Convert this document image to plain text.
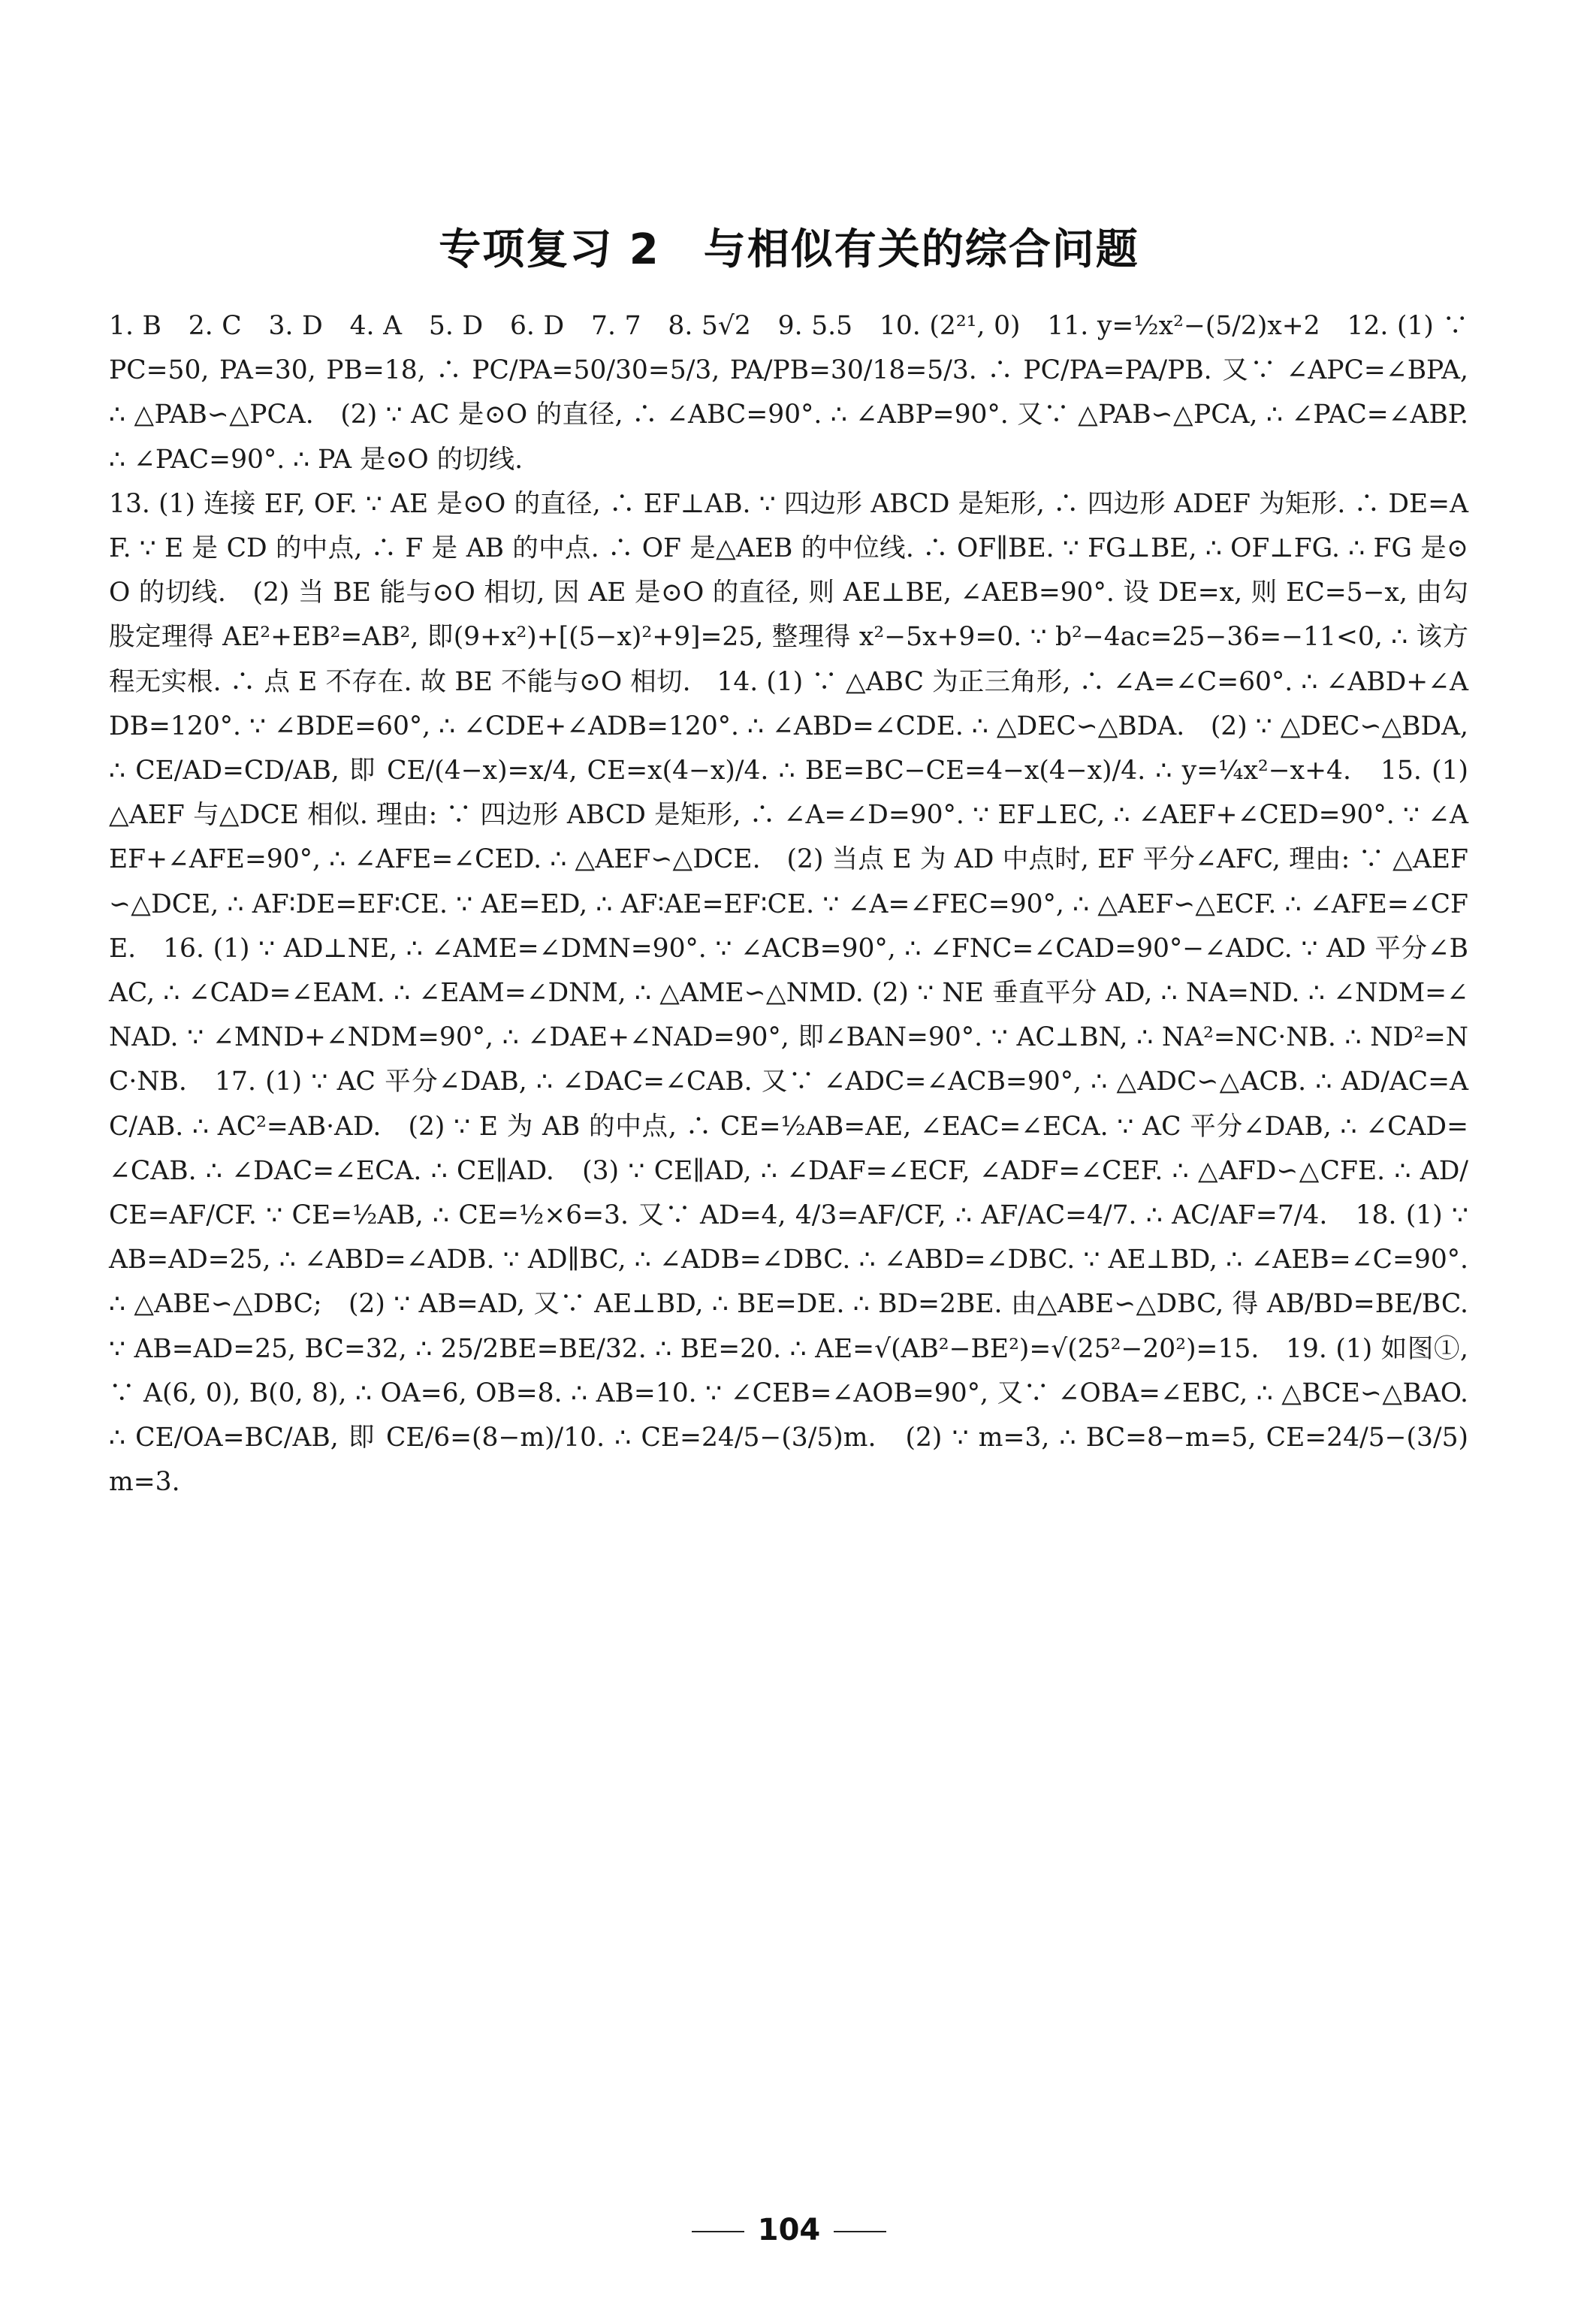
专项复习 2　与相似有关的综合问题

1. B　2. C　3. D　4. A　5. D　6. D　7. 7　8. 5√2　9. 5.5　10. (2²¹, 0)　11. y=½x²−(5/2)x+2　12. (1) ∵ PC=50, PA=30, PB=18, ∴ PC/PA=50/30=5/3, PA/PB=30/18=5/3. ∴ PC/PA=PA/PB. 又∵ ∠APC=∠BPA, ∴ △PAB∽△PCA.　(2) ∵ AC 是⊙O 的直径, ∴ ∠ABC=90°. ∴ ∠ABP=90°. 又∵ △PAB∽△PCA, ∴ ∠PAC=∠ABP. ∴ ∠PAC=90°. ∴ PA 是⊙O 的切线.

13. (1) 连接 EF, OF. ∵ AE 是⊙O 的直径, ∴ EF⊥AB. ∵ 四边形 ABCD 是矩形, ∴ 四边形 ADEF 为矩形. ∴ DE=AF. ∵ E 是 CD 的中点, ∴ F 是 AB 的中点. ∴ OF 是△AEB 的中位线. ∴ OF∥BE. ∵ FG⊥BE, ∴ OF⊥FG. ∴ FG 是⊙O 的切线.　(2) 当 BE 能与⊙O 相切, 因 AE 是⊙O 的直径, 则 AE⊥BE, ∠AEB=90°. 设 DE=x, 则 EC=5−x, 由勾股定理得 AE²+EB²=AB², 即(9+x²)+[(5−x)²+9]=25, 整理得 x²−5x+9=0. ∵ b²−4ac=25−36=−11<0, ∴ 该方程无实根. ∴ 点 E 不存在. 故 BE 不能与⊙O 相切.　14. (1) ∵ △ABC 为正三角形, ∴ ∠A=∠C=60°. ∴ ∠ABD+∠ADB=120°. ∵ ∠BDE=60°, ∴ ∠CDE+∠ADB=120°. ∴ ∠ABD=∠CDE. ∴ △DEC∽△BDA.　(2) ∵ △DEC∽△BDA, ∴ CE/AD=CD/AB, 即 CE/(4−x)=x/4, CE=x(4−x)/4. ∴ BE=BC−CE=4−x(4−x)/4. ∴ y=¼x²−x+4.　15. (1) △AEF 与△DCE 相似. 理由: ∵ 四边形 ABCD 是矩形, ∴ ∠A=∠D=90°. ∵ EF⊥EC, ∴ ∠AEF+∠CED=90°. ∵ ∠AEF+∠AFE=90°, ∴ ∠AFE=∠CED. ∴ △AEF∽△DCE.　(2) 当点 E 为 AD 中点时, EF 平分∠AFC, 理由: ∵ △AEF∽△DCE, ∴ AF∶DE=EF∶CE. ∵ AE=ED, ∴ AF∶AE=EF∶CE. ∵ ∠A=∠FEC=90°, ∴ △AEF∽△ECF. ∴ ∠AFE=∠CFE.　16. (1) ∵ AD⊥NE, ∴ ∠AME=∠DMN=90°. ∵ ∠ACB=90°, ∴ ∠FNC=∠CAD=90°−∠ADC. ∵ AD 平分∠BAC, ∴ ∠CAD=∠EAM. ∴ ∠EAM=∠DNM, ∴ △AME∽△NMD. (2) ∵ NE 垂直平分 AD, ∴ NA=ND. ∴ ∠NDM=∠NAD. ∵ ∠MND+∠NDM=90°, ∴ ∠DAE+∠NAD=90°, 即∠BAN=90°. ∵ AC⊥BN, ∴ NA²=NC·NB. ∴ ND²=NC·NB.　17. (1) ∵ AC 平分∠DAB, ∴ ∠DAC=∠CAB. 又∵ ∠ADC=∠ACB=90°, ∴ △ADC∽△ACB. ∴ AD/AC=AC/AB. ∴ AC²=AB·AD.　(2) ∵ E 为 AB 的中点, ∴ CE=½AB=AE, ∠EAC=∠ECA. ∵ AC 平分∠DAB, ∴ ∠CAD=∠CAB. ∴ ∠DAC=∠ECA. ∴ CE∥AD.　(3) ∵ CE∥AD, ∴ ∠DAF=∠ECF, ∠ADF=∠CEF. ∴ △AFD∽△CFE. ∴ AD/CE=AF/CF. ∵ CE=½AB, ∴ CE=½×6=3. 又∵ AD=4, 4/3=AF/CF, ∴ AF/AC=4/7. ∴ AC/AF=7/4.　18. (1) ∵ AB=AD=25, ∴ ∠ABD=∠ADB. ∵ AD∥BC, ∴ ∠ADB=∠DBC. ∴ ∠ABD=∠DBC. ∵ AE⊥BD, ∴ ∠AEB=∠C=90°. ∴ △ABE∽△DBC;　(2) ∵ AB=AD, 又∵ AE⊥BD, ∴ BE=DE. ∴ BD=2BE. 由△ABE∽△DBC, 得 AB/BD=BE/BC. ∵ AB=AD=25, BC=32, ∴ 25/2BE=BE/32. ∴ BE=20. ∴ AE=√(AB²−BE²)=√(25²−20²)=15.　19. (1) 如图①, ∵ A(6, 0), B(0, 8), ∴ OA=6, OB=8. ∴ AB=10. ∵ ∠CEB=∠AOB=90°, 又∵ ∠OBA=∠EBC, ∴ △BCE∽△BAO. ∴ CE/OA=BC/AB, 即 CE/6=(8−m)/10. ∴ CE=24/5−(3/5)m.　(2) ∵ m=3, ∴ BC=8−m=5, CE=24/5−(3/5)m=3.

104
